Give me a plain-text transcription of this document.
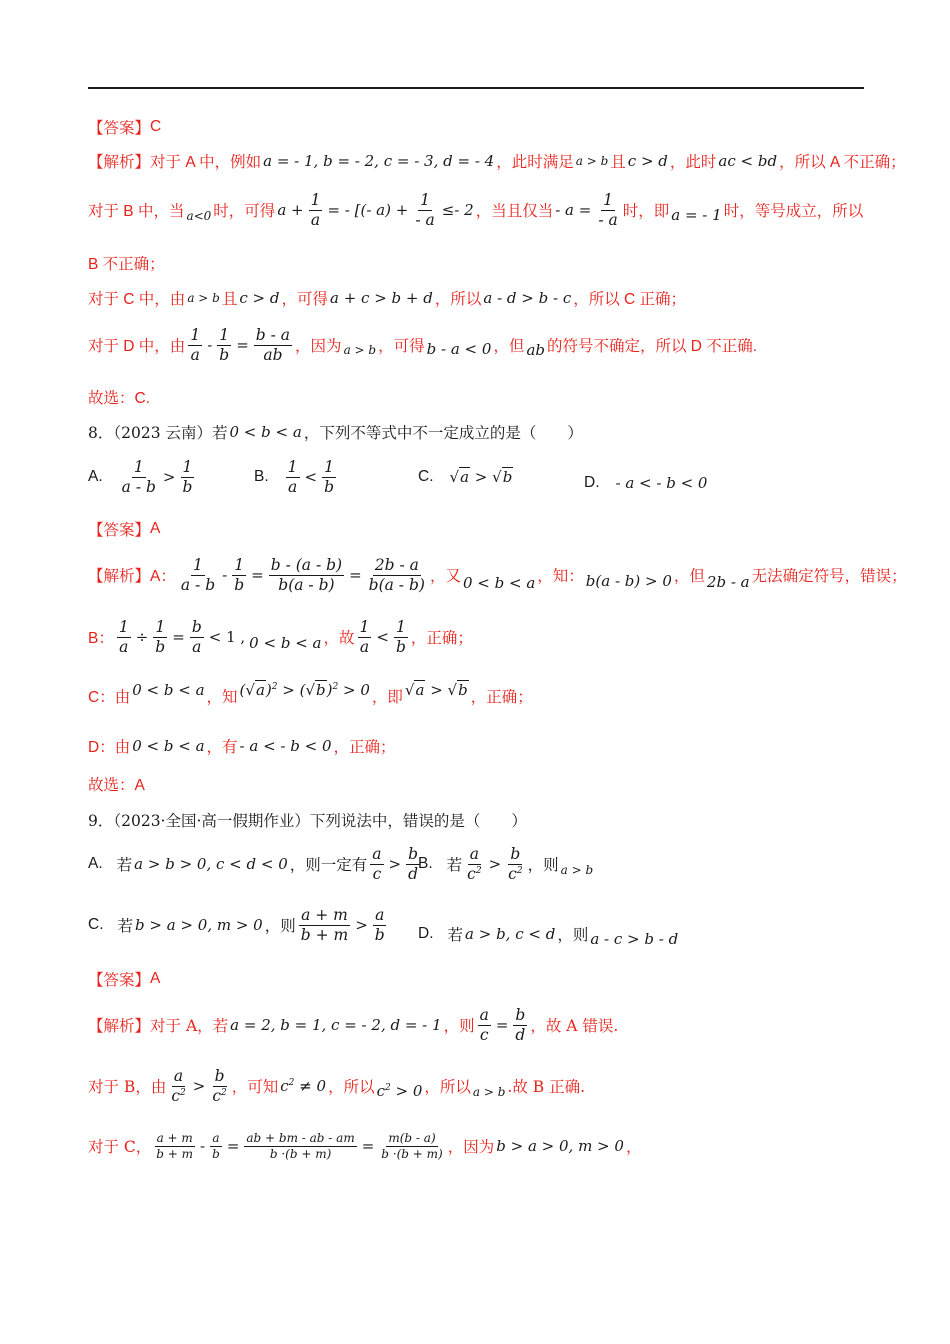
【答案】 C
【解析】 对于 A 中，例如 a = - 1, b = - 2, c = - 3, d = - 4 ，此时满足 a > b 且 c > d ，此时 ac < bd ，所以 A 不正确；
对于 B 中，当 a<0 时，可得 $a + \frac{1}{a}$ = - [(- $a) + \frac{1}{- a} \le- 2$ ，当且仅当 - $a = \frac{1}{- a}$ 时，即 a = - 1 时，等号成立，所以
B 不正确；
对于 C 中，由 a > b 且 c > d ，可得 a + c > b + d ，所以 a - d > b - c ，所以 C 正确；
对于 D 中，由 $\frac{1}{a} - \frac{1}{b} = \frac{b - a}{ab}$ ，因为 a > b ，可得 b - a < 0 ，但 ab 的符号不确定，所以 D 不正确.
故选：C.
8．（2023 云南）若 0 < b < a ，下列不等式中不一定成立的是（　　）
A. $\frac{1}{a - b} > \frac{1}{b}$	B. $\frac{1}{a} < \frac{1}{b}$	C. √a > √b	D. - a < - b < 0
【答案】 A
【解析】 A： $\frac{1}{a - b} - \frac{1}{b} = \frac{b - (a - b)}{b(a - b)} = \frac{2b - a}{b(a - b)}$ ，又 0 < b < a ，知： b(a - b) > 0 ，但 2b - a 无法确定符号，错误；
B： $\frac{1}{a} \div \frac{1}{b} = \frac{b}{a} < 1$ , 0 < b < a ，故 $\frac{1}{a} < \frac{1}{b}$ ，正确；
C： 由 0 < b < a ，知 $(√a)^2 > (√b)^2 > 0$ ，即 √a > √b ，正确；
D： 由 0 < b < a ，有 - a < - b < 0 ，正确；
故选：A
9．（2023·全国·高一假期作业）下列说法中，错误的是（　　）
A. 若 a > b > 0, c < d < 0 ，则一定有 $\frac{a}{c} > \frac{b}{d}$
B. 若 $\frac{a}{c^2} > \frac{b}{c^2}$ ，则 a > b
C. 若 b > a > 0, m > 0 ，则 $\frac{a + m}{b + m} > \frac{a}{b} D$. 若 a > b, c < d ，则 a - c > b - d
【答案】 A
【解析】 对于 A，若 a = 2, b = 1, c = - 2, d = - 1 ，则 $\frac{a}{c} = \frac{b}{d}$ ，故 A 错误.
对于 B，由 $\frac{a}{c^2} > \frac{b}{c^2}$ ，可知 $c^2 \ne 0$ ，所以 $c^2 > 0$ ，所以 a > b .故 B 正确.
对于 C， $\frac{a + m}{b + m} - \frac{a}{b} = \frac{ab + bm - ab - am}{b \cdot(b + m)} = \frac{m(b - a)}{b \cdot(b + m)}$ ，因为 b > a > 0, m > 0 ，
